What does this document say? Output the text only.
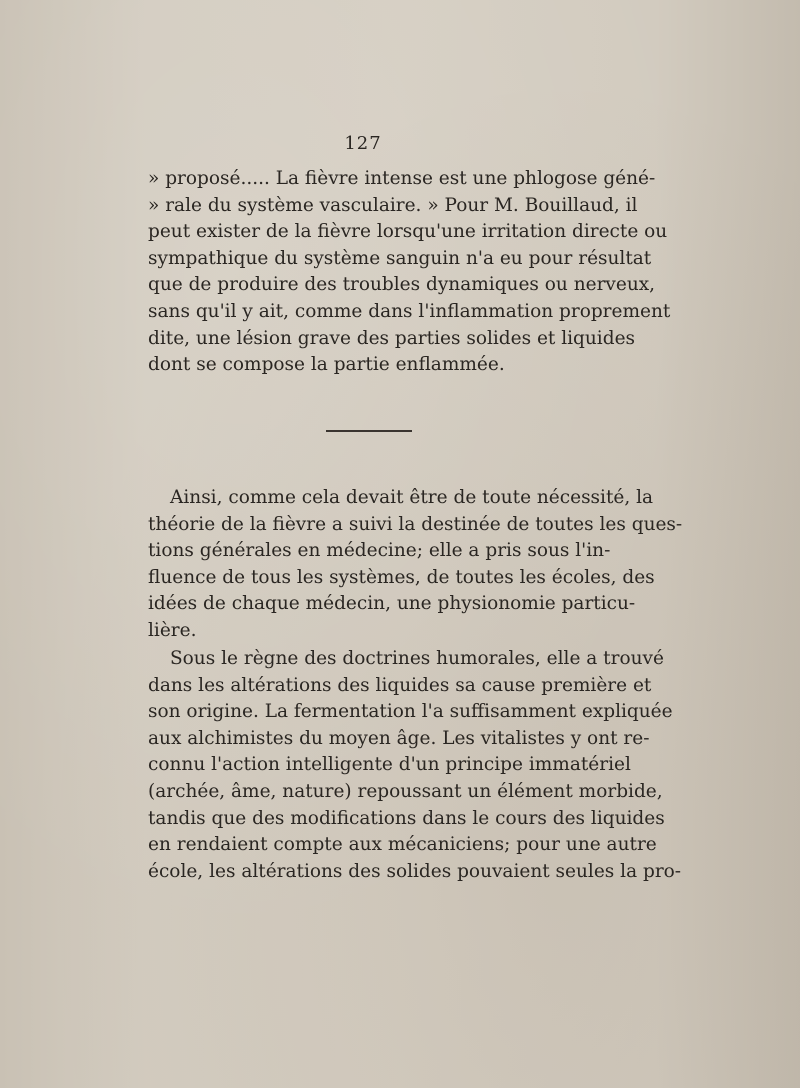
127

» proposé..... La fièvre intense est une phlogose géné-
» rale du système vasculaire. » Pour M. Bouillaud, il
peut exister de la fièvre lorsqu'une irritation directe ou
sympathique du système sanguin n'a eu pour résultat
que de produire des troubles dynamiques ou nerveux,
sans qu'il y ait, comme dans l'inflammation proprement
dite, une lésion grave des parties solides et liquides
dont se compose la partie enflammée.

Ainsi, comme cela devait être de toute nécessité, la
théorie de la fièvre a suivi la destinée de toutes les ques-
tions générales en médecine; elle a pris sous l'in-
fluence de tous les systèmes, de toutes les écoles, des
idées de chaque médecin, une physionomie particu-
lière.

Sous le règne des doctrines humorales, elle a trouvé
dans les altérations des liquides sa cause première et
son origine. La fermentation l'a suffisamment expliquée
aux alchimistes du moyen âge. Les vitalistes y ont re-
connu l'action intelligente d'un principe immatériel
(archée, âme, nature) repoussant un élément morbide,
tandis que des modifications dans le cours des liquides
en rendaient compte aux mécaniciens; pour une autre
école, les altérations des solides pouvaient seules la pro-
